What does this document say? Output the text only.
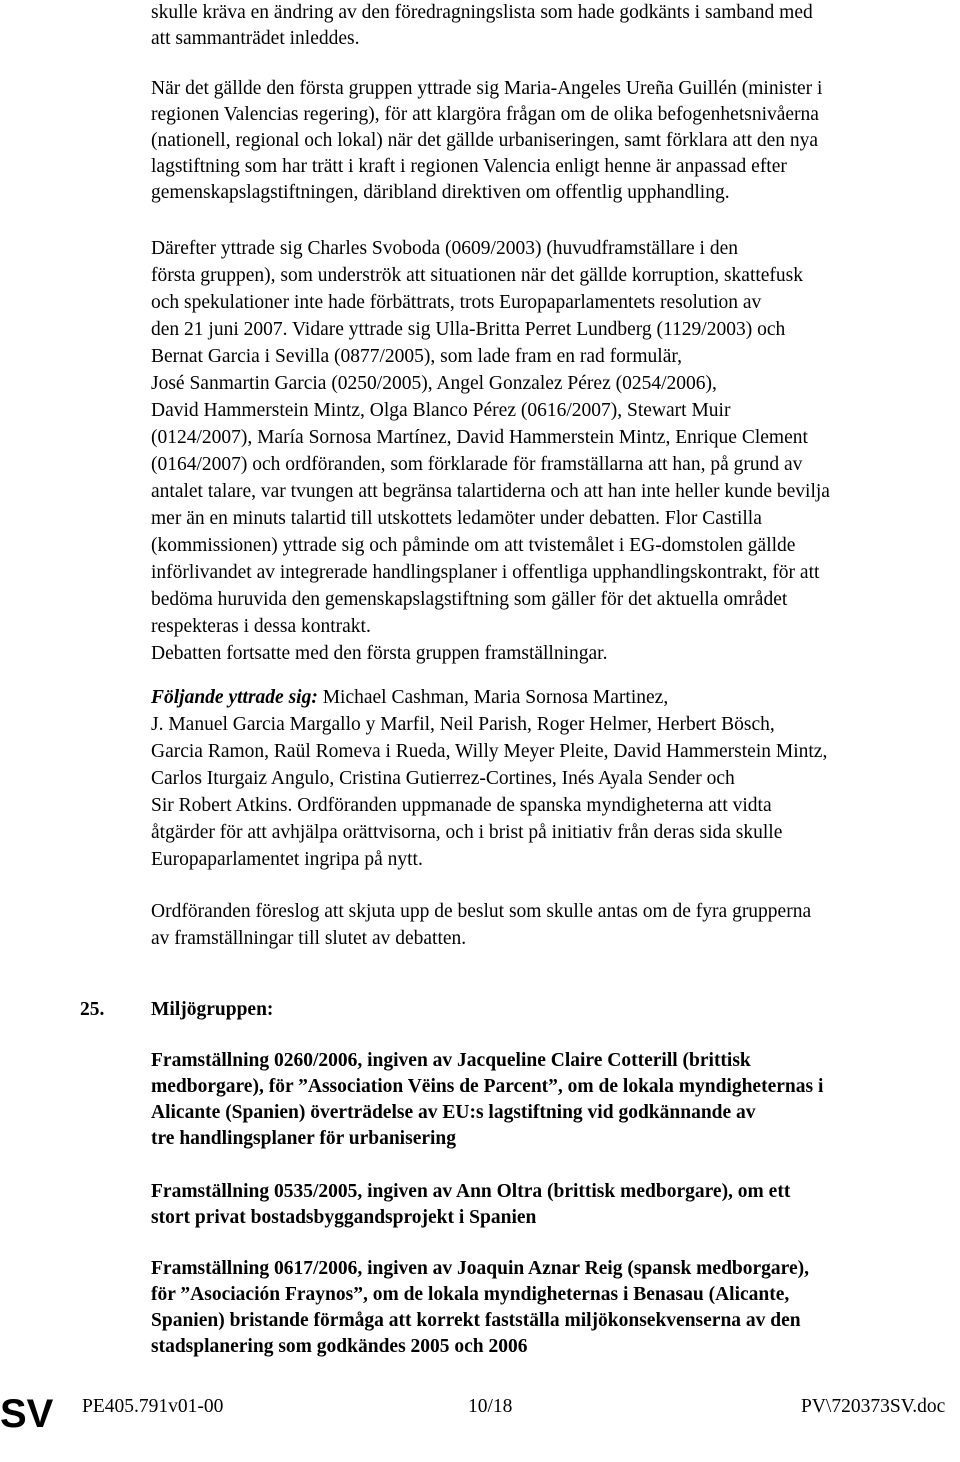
skulle kräva en ändring av den föredragningslista som hade godkänts i samband med
att sammanträdet inleddes.
När det gällde den första gruppen yttrade sig Maria-Angeles Ureña Guillén (minister i
regionen Valencias regering), för att klargöra frågan om de olika befogenhetsnivåerna
(nationell, regional och lokal) när det gällde urbaniseringen, samt förklara att den nya
lagstiftning som har trätt i kraft i regionen Valencia enligt henne är anpassad efter
gemenskapslagstiftningen, däribland direktiven om offentlig upphandling.
Därefter yttrade sig Charles Svoboda (0609/2003) (huvudframställare i den
första gruppen), som underströk att situationen när det gällde korruption, skattefusk
och spekulationer inte hade förbättrats, trots Europaparlamentets resolution av
den 21 juni 2007. Vidare yttrade sig Ulla-Britta Perret Lundberg (1129/2003) och
Bernat Garcia i Sevilla (0877/2005), som lade fram en rad formulär,
José Sanmartin Garcia (0250/2005), Angel Gonzalez Pérez (0254/2006),
David Hammerstein Mintz, Olga Blanco Pérez (0616/2007), Stewart Muir
(0124/2007), María Sornosa Martínez, David Hammerstein Mintz, Enrique Clement
(0164/2007) och ordföranden, som förklarade för framställarna att han, på grund av
antalet talare, var tvungen att begränsa talartiderna och att han inte heller kunde bevilja
mer än en minuts talartid till utskottets ledamöter under debatten. Flor Castilla
(kommissionen) yttrade sig och påminde om att tvistemålet i EG-domstolen gällde
införlivandet av integrerade handlingsplaner i offentliga upphandlingskontrakt, för att
bedöma huruvida den gemenskapslagstiftning som gäller för det aktuella området
respekteras i dessa kontrakt.
Debatten fortsatte med den första gruppen framställningar.
Följande yttrade sig: Michael Cashman, Maria Sornosa Martinez,
J. Manuel Garcia Margallo y Marfil, Neil Parish, Roger Helmer, Herbert Bösch,
Garcia Ramon, Raül Romeva i Rueda, Willy Meyer Pleite, David Hammerstein Mintz,
Carlos Iturgaiz Angulo, Cristina Gutierrez-Cortines, Inés Ayala Sender och
Sir Robert Atkins. Ordföranden uppmanade de spanska myndigheterna att vidta
åtgärder för att avhjälpa orättvisorna, och i brist på initiativ från deras sida skulle
Europaparlamentet ingripa på nytt.
Ordföranden föreslog att skjuta upp de beslut som skulle antas om de fyra grupperna
av framställningar till slutet av debatten.
25. Miljögruppen:
Framställning 0260/2006, ingiven av Jacqueline Claire Cotterill (brittisk
medborgare), för ”Association Vëins de Parcent”, om de lokala myndigheternas i
Alicante (Spanien) överträdelse av EU:s lagstiftning vid godkännande av
tre handlingsplaner för urbanisering
Framställning 0535/2005, ingiven av Ann Oltra (brittisk medborgare), om ett
stort privat bostadsbyggandsprojekt i Spanien
Framställning 0617/2006, ingiven av Joaquin Aznar Reig (spansk medborgare),
för ”Asociación Fraynos”, om de lokala myndigheternas i Benasau (Alicante,
Spanien) bristande förmåga att korrekt fastställa miljökonsekvenserna av den
stadsplanering som godkändes 2005 och 2006
SV PE405.791v01-00	10/18	PV\720373SV.doc
